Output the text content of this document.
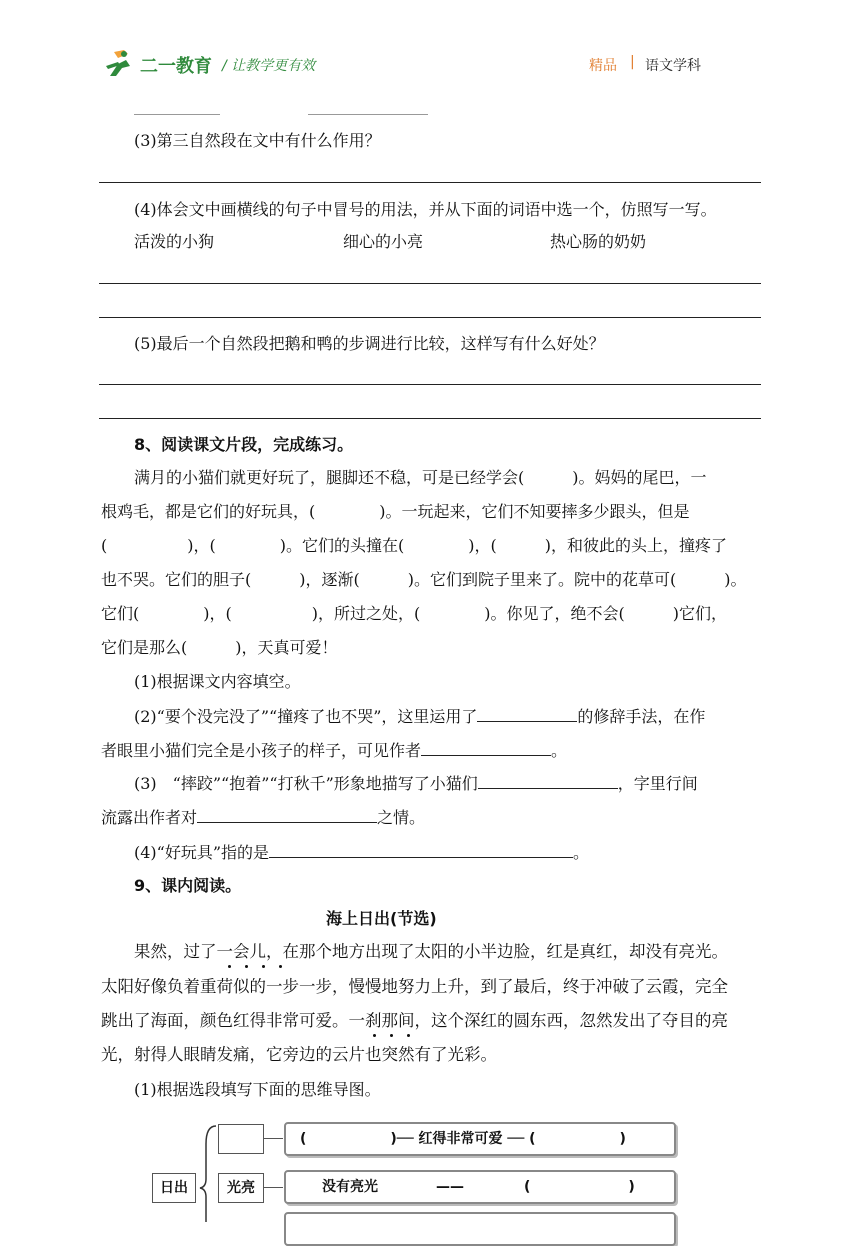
二一教育 / 让教学更有效	精品 | 语文学科
(3)第三自然段在文中有什么作用？
(4)体会文中画横线的句子中冒号的用法，并从下面的词语中选一个，仿照写一写。
活泼的小狗	细心的小亮	热心肠的奶奶
(5)最后一个自然段把鹅和鸭的步调进行比较，这样写有什么好处？
8、阅读课文片段，完成练习。
满月的小猫们就更好玩了，腿脚还不稳，可是已经学会(　　　)。妈妈的尾巴，一
根鸡毛，都是它们的好玩具，(　　　　)。一玩起来，它们不知要摔多少跟头，但是
(　　　　　)，(　　　　)。它们的头撞在(　　　　)，(　　　)，和彼此的头上，撞疼了
也不哭。它们的胆子(　　　)，逐渐(　　　)。它们到院子里来了。院中的花草可(　　　)。
它们(　　　　)，(　　　　　)，所过之处，(　　　　)。你见了，绝不会(　　　)它们，
它们是那么(　　　)，天真可爱！
(1)根据课文内容填空。
(2)“要个没完没了”“撞疼了也不哭”，这里运用了	的修辞手法，在作
者眼里小猫们完全是小孩子的样子，可见作者	。
(3)　“摔跤”“抱着”“打秋千”形象地描写了小猫们	，字里行间
流露出作者对	之情。
(4)“好玩具”指的是	。
9、课内阅读。
海上日出(节选)
果然，过了一会儿，在那个地方出现了太阳的小半边脸，红是真红，却没有亮光。
太阳好像负着重荷似的一步一步，慢慢地努力上升，到了最后，终于冲破了云霞，完全
跳出了海面，颜色红得非常可爱。一刹那间，这个深红的圆东西，忽然发出了夺目的亮
光，射得人眼睛发痛，它旁边的云片也突然有了光彩。
(1)根据选段填写下面的思维导图。
日出
(　　　　　　)── 红得非常可爱 ── (　　　　　　)
光亮	没有亮光	——	(　　　　　　　)
